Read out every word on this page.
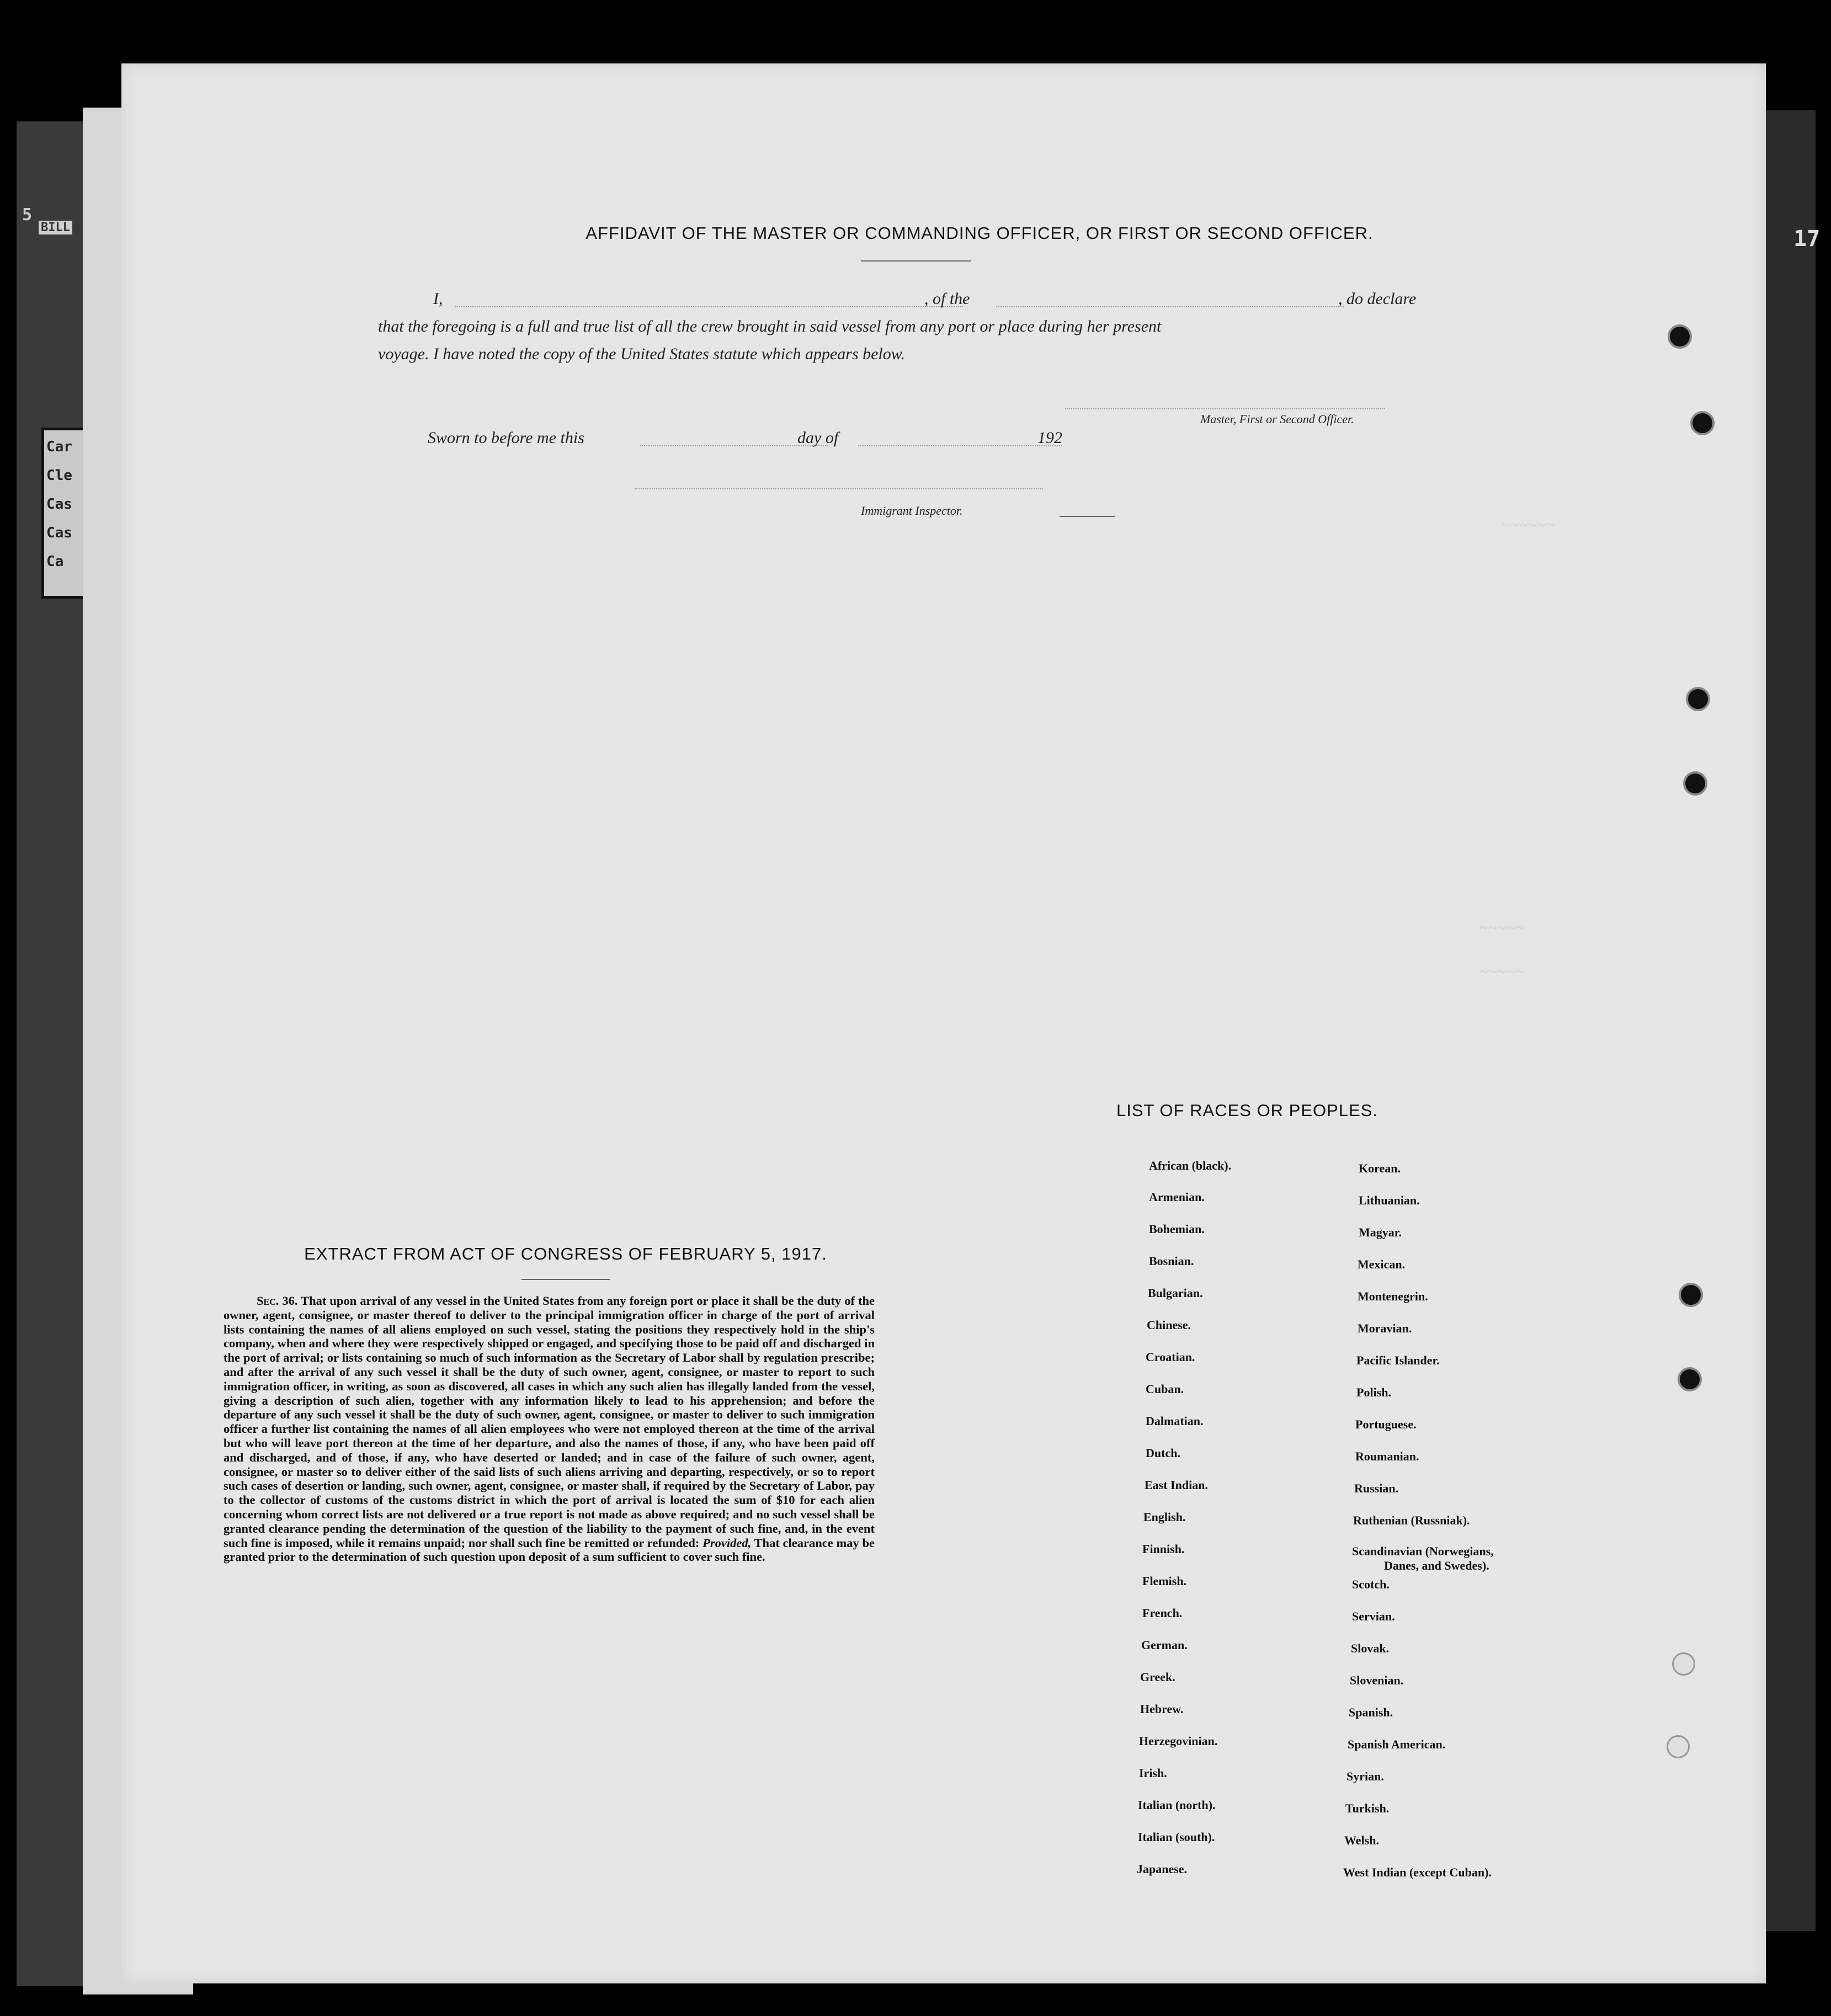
5
BILL
Car
Cle
Cas
Cas
Ca
17
~~~~~~
~~~~~
~~~~~
AFFIDAVIT OF THE MASTER OR COMMANDING OFFICER, OR FIRST OR SECOND OFFICER.
I,	, of the	, do declare
that the foregoing is a full and true list of all the crew brought in said vessel from any port or place during her present
voyage. I have noted the copy of the United States statute which appears below.
Master, First or Second Officer.
Sworn to before me this	day of	192
Immigrant Inspector.
EXTRACT FROM ACT OF CONGRESS OF FEBRUARY 5, 1917.
Sec. 36. That upon arrival of any vessel in the United States from any foreign port or place it shall be the duty of the owner, agent, consignee, or master thereof to deliver to the principal immigration officer in charge of the port of arrival lists containing the names of all aliens employed on such vessel, stating the positions they respectively hold in the ship's company, when and where they were respectively shipped or engaged, and specifying those to be paid off and discharged in the port of arrival; or lists containing so much of such information as the Secretary of Labor shall by regulation prescribe; and after the arrival of any such vessel it shall be the duty of such owner, agent, consignee, or master to report to such immigration officer, in writing, as soon as discovered, all cases in which any such alien has illegally landed from the vessel, giving a description of such alien, together with any information likely to lead to his apprehension; and before the departure of any such vessel it shall be the duty of such owner, agent, consignee, or master to deliver to such immigration officer a further list containing the names of all alien employees who were not employed thereon at the time of the arrival but who will leave port thereon at the time of her departure, and also the names of those, if any, who have been paid off and discharged, and of those, if any, who have deserted or landed; and in case of the failure of such owner, agent, consignee, or master so to deliver either of the said lists of such aliens arriving and departing, respectively, or so to report such cases of desertion or landing, such owner, agent, consignee, or master shall, if required by the Secretary of Labor, pay to the collector of customs of the customs district in which the port of arrival is located the sum of $10 for each alien concerning whom correct lists are not delivered or a true report is not made as above required; and no such vessel shall be granted clearance pending the determination of the question of the liability to the payment of such fine, and, in the event such fine is imposed, while it remains unpaid; nor shall such fine be remitted or refunded: Provided, That clearance may be granted prior to the determination of such question upon deposit of a sum sufficient to cover such fine.
LIST OF RACES OR PEOPLES.
African (black).
Armenian.
Bohemian.
Bosnian.
Bulgarian.
Chinese.
Croatian.
Cuban.
Dalmatian.
Dutch.
East Indian.
English.
Finnish.
Flemish.
French.
German.
Greek.
Hebrew.
Herzegovinian.
Irish.
Italian (north).
Italian (south).
Japanese.
Korean.
Lithuanian.
Magyar.
Mexican.
Montenegrin.
Moravian.
Pacific Islander.
Polish.
Portuguese.
Roumanian.
Russian.
Ruthenian (Russniak).
Scandinavian (Norwegians,
Danes, and Swedes).
Scotch.
Servian.
Slovak.
Slovenian.
Spanish.
Spanish American.
Syrian.
Turkish.
Welsh.
West Indian (except Cuban).
